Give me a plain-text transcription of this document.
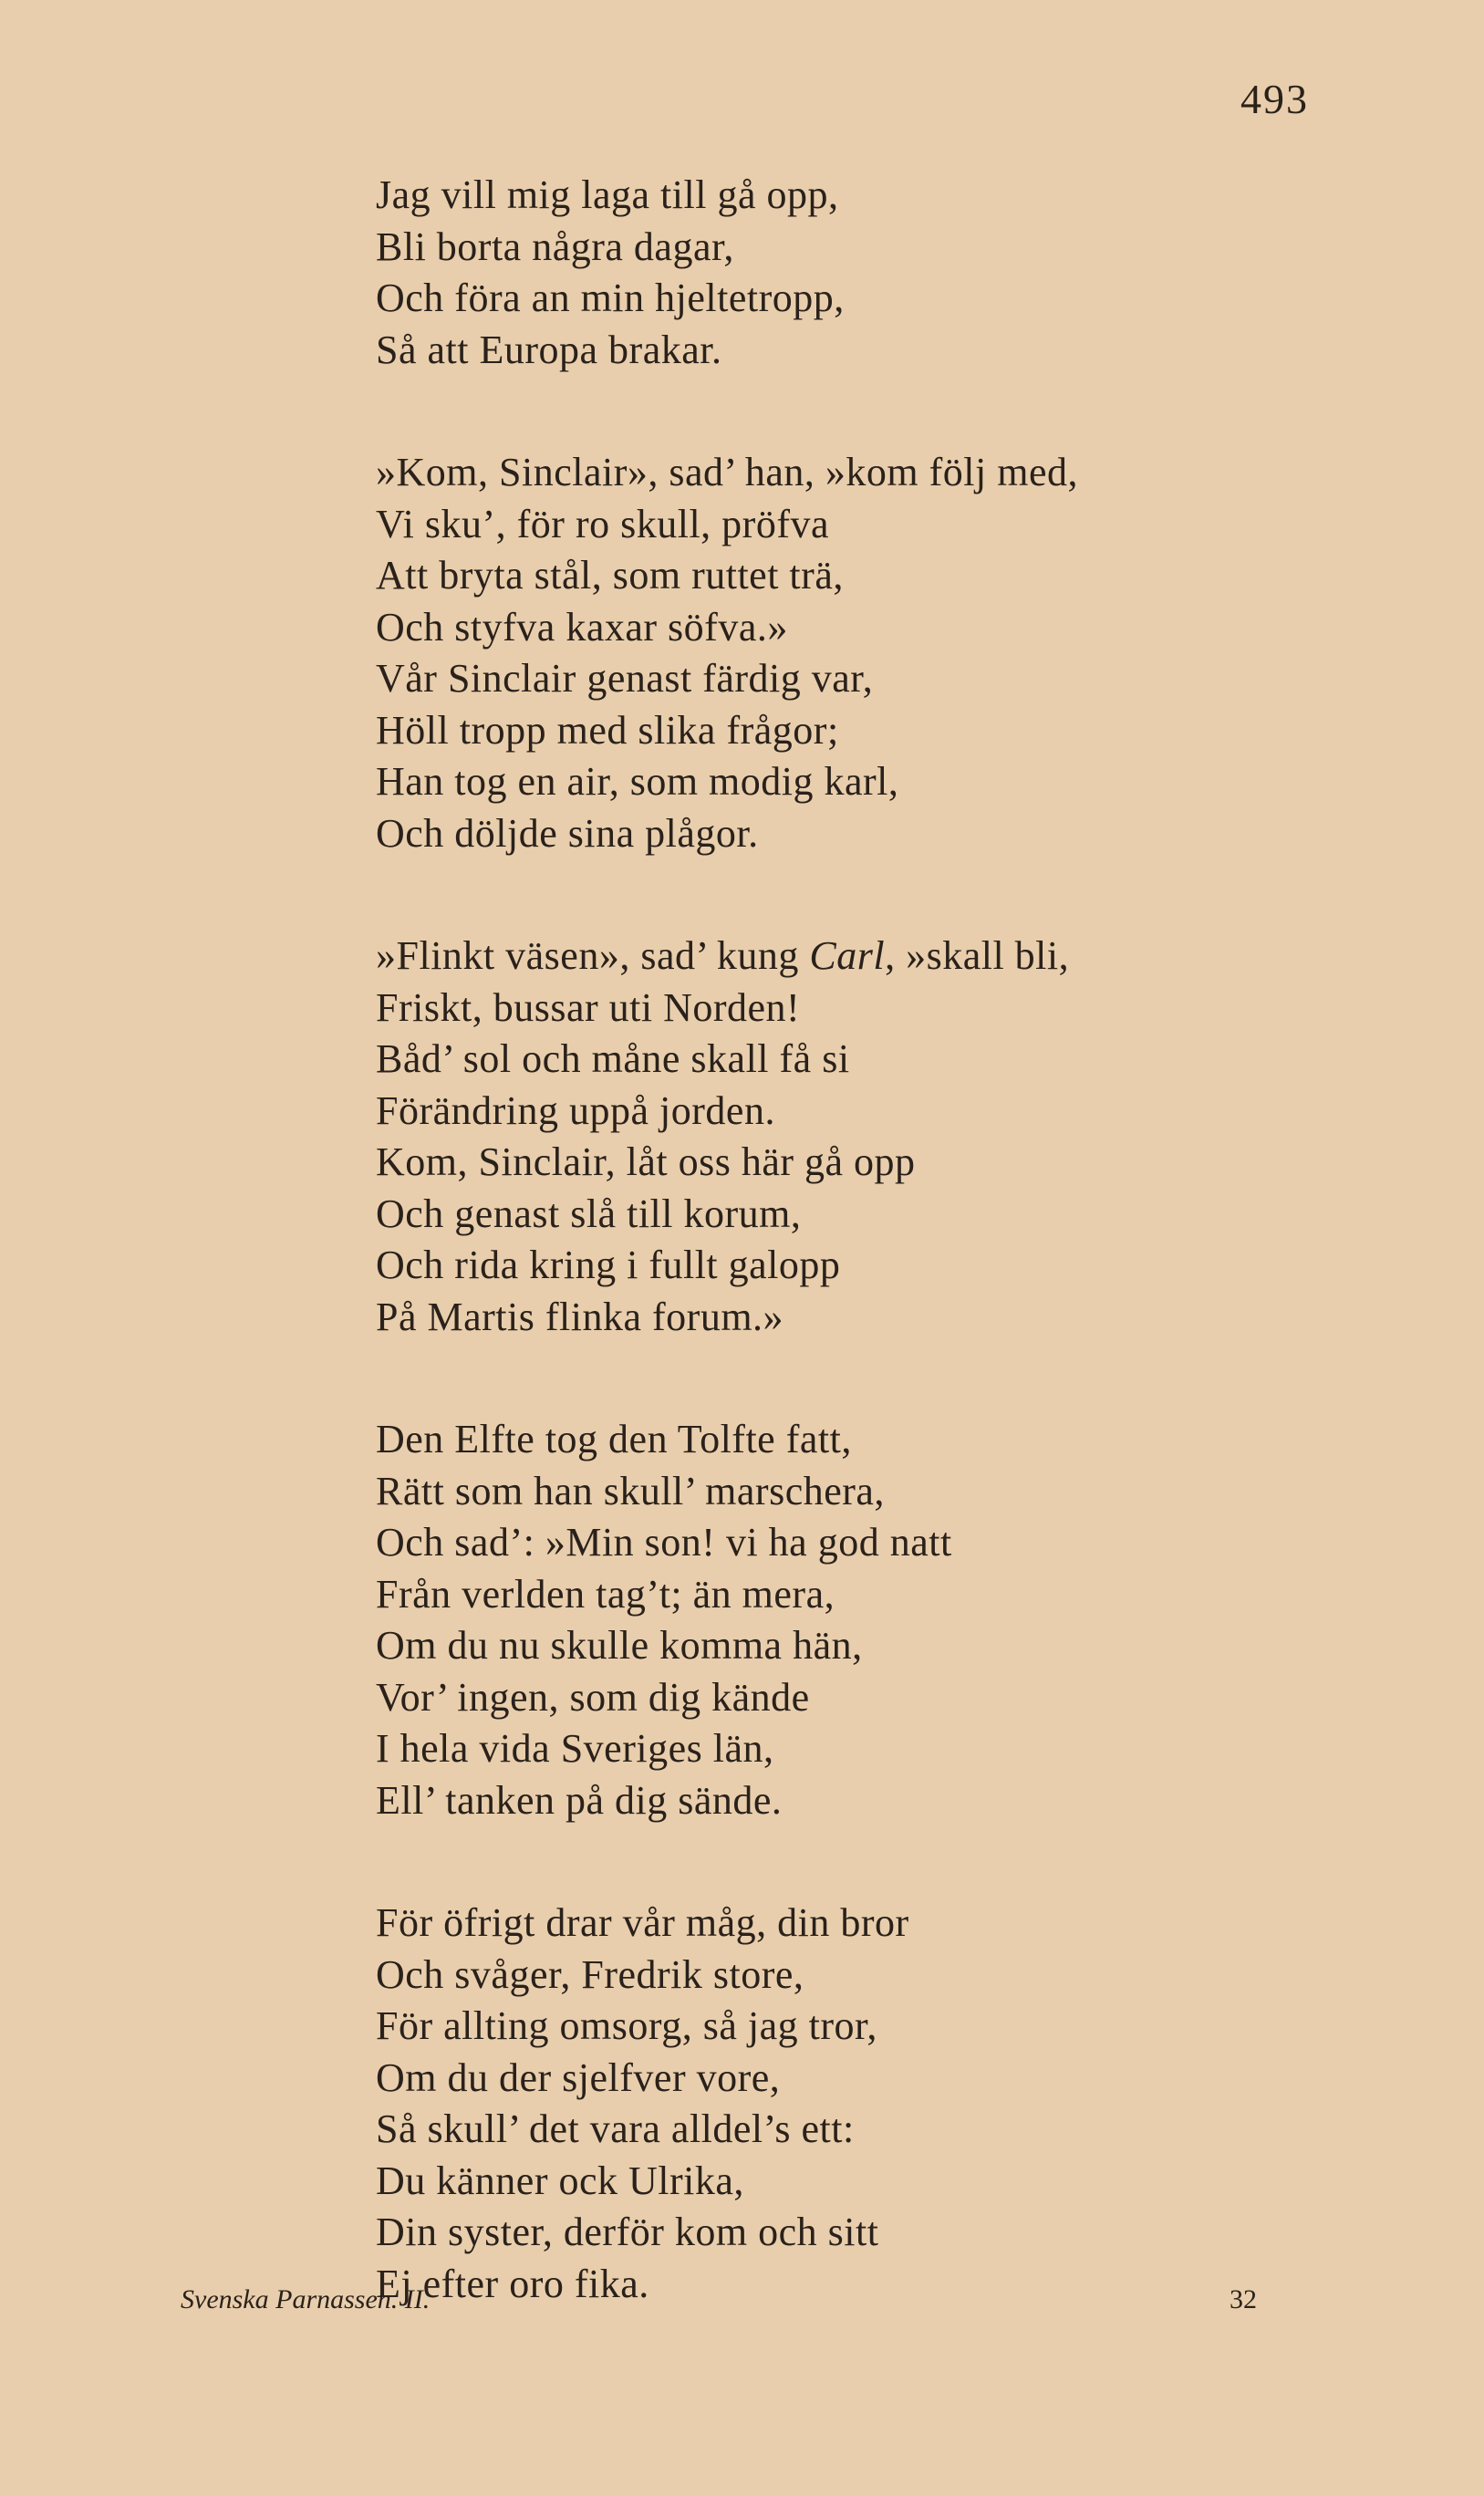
493
Jag vill mig laga till gå opp,
Bli borta några dagar,
Och föra an min hjeltetropp,
Så att Europa brakar.
»Kom, Sinclair», sad’ han, »kom följ med,
Vi sku’, för ro skull, pröfva
Att bryta stål, som ruttet trä,
Och styfva kaxar söfva.»
Vår Sinclair genast färdig var,
Höll tropp med slika frågor;
Han tog en air, som modig karl,
Och döljde sina plågor.
»Flinkt väsen», sad’ kung Carl, »skall bli,
Friskt, bussar uti Norden!
Båd’ sol och måne skall få si
Förändring uppå jorden.
Kom, Sinclair, låt oss här gå opp
Och genast slå till korum,
Och rida kring i fullt galopp
På Martis flinka forum.»
Den Elfte tog den Tolfte fatt,
Rätt som han skull’ marschera,
Och sad’: »Min son! vi ha god natt
Från verlden tag’t; än mera,
Om du nu skulle komma hän,
Vor’ ingen, som dig kände
I hela vida Sveriges län,
Ell’ tanken på dig sände.
För öfrigt drar vår måg, din bror
Och svåger, Fredrik store,
För allting omsorg, så jag tror,
Om du der sjelfver vore,
Så skull’ det vara alldel’s ett:
Du känner ock Ulrika,
Din syster, derför kom och sitt
Ej efter oro fika.
Svenska Parnassen. II.	32
